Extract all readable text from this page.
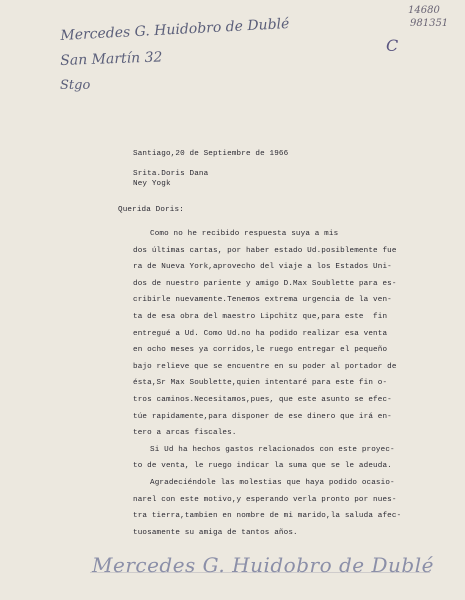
Mercedes G. Huidobro de Dublé
San Martín 32
Stgo
14680
981351
C
Santiago,20 de Septiembre de 1966
Srita.Doris Dana
Ney Yogk
Querida Doris:
Como no he recibido respuesta suya a mis
dos últimas cartas, por haber estado Ud.posiblemente fue
ra de Nueva York,aprovecho del viaje a los Estados Uni-
dos de nuestro pariente y amigo D.Max Soublette para es-
cribirle nuevamente.Tenemos extrema urgencia de la ven-
ta de esa obra del maestro Lipchitz que,para este  fin
entregué a Ud. Como Ud.no ha podido realizar esa venta
en ocho meses ya corridos,le ruego entregar el pequeño
bajo relieve que se encuentre en su poder al portador de
ésta,Sr Max Soublette,quien intentaré para este fin o-
tros caminos.Necesitamos,pues, que este asunto se efec-
túe rapidamente,para disponer de ese dinero que irá en-
tero a arcas fiscales.
Si Ud ha hechos gastos relacionados con este proyec-
to de venta, le ruego indicar la suma que se le adeuda.
Agradeciéndole las molestias que haya podido ocasio-
narel con este motivo,y esperando verla pronto por nues-
tra tierra,tambien en nombre de mi marido,la saluda afec-
tuosamente su amiga de tantos años.
Mercedes G. Huidobro de Dublé
